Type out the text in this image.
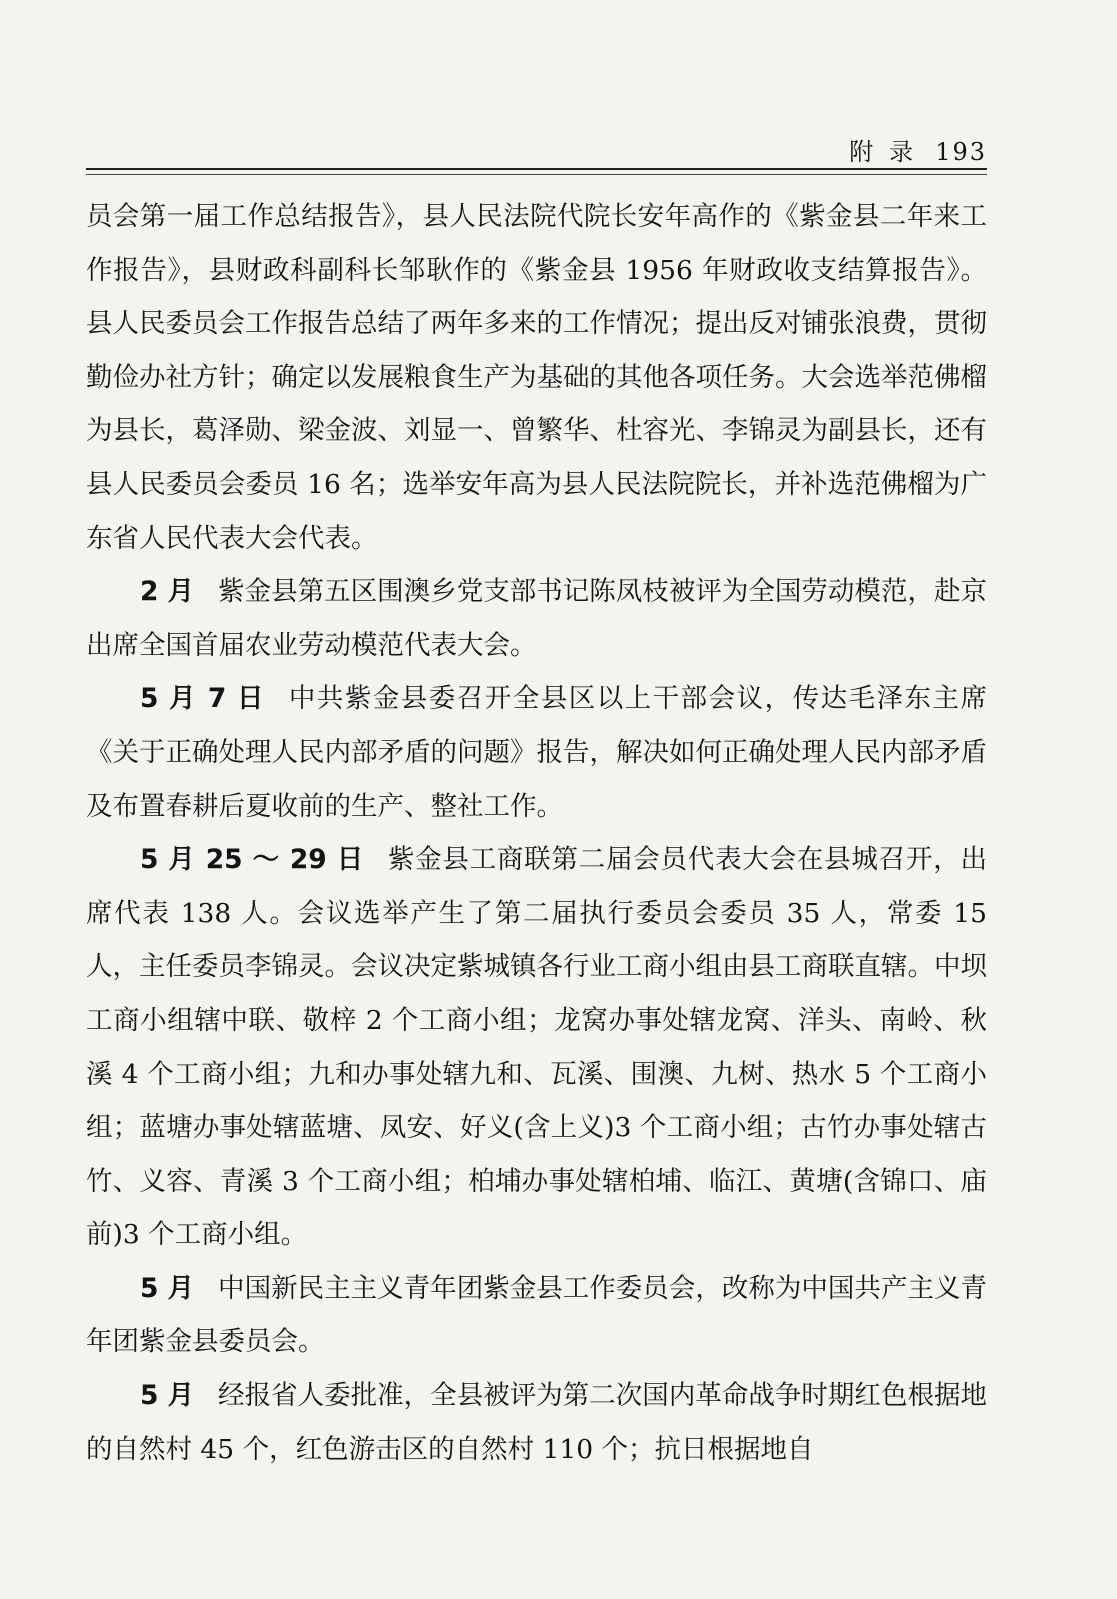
附录 193

员会第一届工作总结报告》，县人民法院代院长安年高作的《紫金县二年来工作报告》，县财政科副科长邹耿作的《紫金县 1956 年财政收支结算报告》。县人民委员会工作报告总结了两年多来的工作情况；提出反对铺张浪费，贯彻勤俭办社方针；确定以发展粮食生产为基础的其他各项任务。大会选举范佛榴为县长，葛泽勋、梁金波、刘显一、曾繁华、杜容光、李锦灵为副县长，还有县人民委员会委员 16 名；选举安年高为县人民法院院长，并补选范佛榴为广东省人民代表大会代表。

2 月 紫金县第五区围澳乡党支部书记陈凤枝被评为全国劳动模范，赴京出席全国首届农业劳动模范代表大会。

5 月 7 日 中共紫金县委召开全县区以上干部会议，传达毛泽东主席《关于正确处理人民内部矛盾的问题》报告，解决如何正确处理人民内部矛盾及布置春耕后夏收前的生产、整社工作。

5 月 25 ～ 29 日 紫金县工商联第二届会员代表大会在县城召开，出席代表 138 人。会议选举产生了第二届执行委员会委员 35 人，常委 15 人，主任委员李锦灵。会议决定紫城镇各行业工商小组由县工商联直辖。中坝工商小组辖中联、敬梓 2 个工商小组；龙窝办事处辖龙窝、洋头、南岭、秋溪 4 个工商小组；九和办事处辖九和、瓦溪、围澳、九树、热水 5 个工商小组；蓝塘办事处辖蓝塘、凤安、好义(含上义)3 个工商小组；古竹办事处辖古竹、义容、青溪 3 个工商小组；柏埔办事处辖柏埔、临江、黄塘(含锦口、庙前)3 个工商小组。

5 月 中国新民主主义青年团紫金县工作委员会，改称为中国共产主义青年团紫金县委员会。

5 月 经报省人委批准，全县被评为第二次国内革命战争时期红色根据地的自然村 45 个，红色游击区的自然村 110 个；抗日根据地自
